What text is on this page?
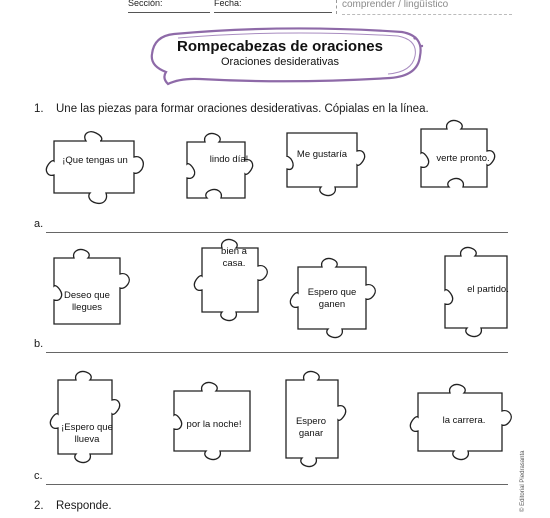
Sección:	Fecha:	comprender / lingüístico
Rompecabezas de oraciones
Oraciones desiderativas
1. Une las piezas para formar oraciones desiderativas. Cópialas en la línea.
¡Que tengas un	lindo día!	Me gustaría	verte pronto.
a.
Deseo que llegues
bien a casa.
Espero que ganen
el partido.
b.
¡Espero que llueva
por la noche!	Espero ganar
la carrera.
c.
2. Responde.	© Editorial Piedrasanta
